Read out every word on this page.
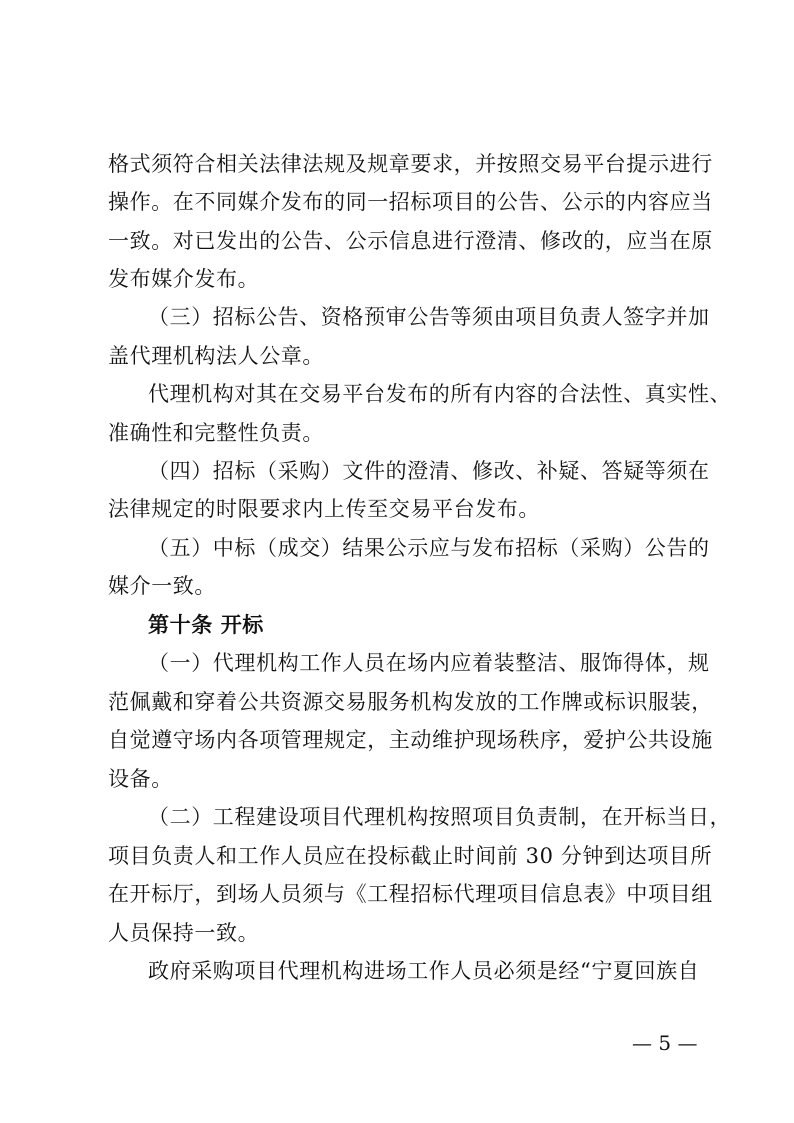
格式须符合相关法律法规及规章要求，并按照交易平台提示进行
操作。在不同媒介发布的同一招标项目的公告、公示的内容应当
一致。对已发出的公告、公示信息进行澄清、修改的，应当在原
发布媒介发布。
（三）招标公告、资格预审公告等须由项目负责人签字并加
盖代理机构法人公章。
代理机构对其在交易平台发布的所有内容的合法性、真实性、
准确性和完整性负责。
（四）招标（采购）文件的澄清、修改、补疑、答疑等须在
法律规定的时限要求内上传至交易平台发布。
（五）中标（成交）结果公示应与发布招标（采购）公告的
媒介一致。
第十条 开标
（一）代理机构工作人员在场内应着装整洁、服饰得体，规
范佩戴和穿着公共资源交易服务机构发放的工作牌或标识服装，
自觉遵守场内各项管理规定，主动维护现场秩序，爱护公共设施
设备。
（二）工程建设项目代理机构按照项目负责制，在开标当日，
项目负责人和工作人员应在投标截止时间前 30 分钟到达项目所
在开标厅，到场人员须与《工程招标代理项目信息表》中项目组
人员保持一致。
政府采购项目代理机构进场工作人员必须是经“宁夏回族自
— 5 —
